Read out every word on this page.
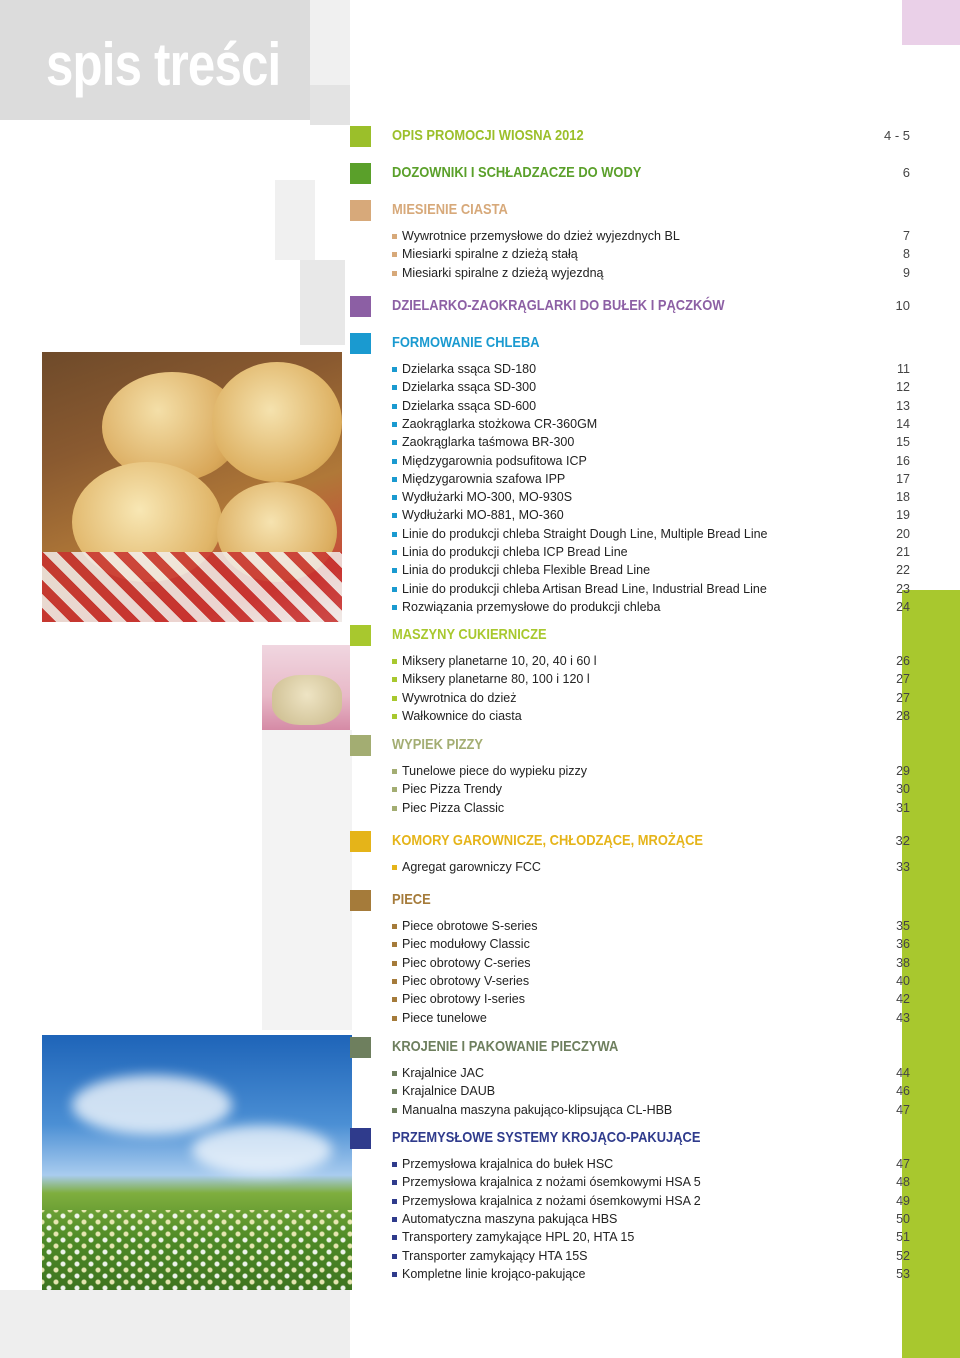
spis treści
OPIS PROMOCJI WIOSNA 2012	4 - 5
DOZOWNIKI I SCHŁADZACZE DO WODY	6
MIESIENIE CIASTA
Wywrotnice przemysłowe do dzież wyjezdnych BL	7
Miesiarki spiralne z dzieżą stałą	8
Miesiarki spiralne z dzieżą wyjezdną	9
DZIELARKO-ZAOKRĄGLARKI DO BUŁEK I PĄCZKÓW	10
FORMOWANIE CHLEBA
Dzielarka ssąca SD-180	11
Dzielarka ssąca SD-300	12
Dzielarka ssąca SD-600	13
Zaokrąglarka stożkowa CR-360GM	14
Zaokrąglarka taśmowa BR-300	15
Międzygarownia podsufitowa ICP	16
Międzygarownia szafowa IPP	17
Wydłużarki MO-300, MO-930S	18
Wydłużarki MO-881, MO-360	19
Linie do produkcji chleba Straight Dough Line, Multiple Bread Line	20
Linia do produkcji chleba ICP Bread Line	21
Linia do produkcji chleba Flexible Bread Line	22
Linie do produkcji chleba Artisan Bread Line, Industrial Bread Line	23
Rozwiązania przemysłowe do produkcji chleba	24
MASZYNY CUKIERNICZE
Miksery planetarne 10, 20, 40 i 60 l	26
Miksery planetarne 80, 100 i 120 l	27
Wywrotnica do dzież	27
Wałkownice do ciasta	28
WYPIEK PIZZY
Tunelowe piece do wypieku pizzy	29
Piec Pizza Trendy	30
Piec Pizza Classic	31
KOMORY GAROWNICZE, CHŁODZĄCE, MROŻĄCE	32
Agregat garowniczy FCC	33
PIECE
Piece obrotowe S-series	35
Piec modułowy Classic	36
Piec obrotowy C-series	38
Piec obrotowy V-series	40
Piec obrotowy I-series	42
Piece tunelowe	43
KROJENIE I PAKOWANIE PIECZYWA
Krajalnice JAC	44
Krajalnice DAUB	46
Manualna maszyna pakująco-klipsująca CL-HBB	47
PRZEMYSŁOWE SYSTEMY KROJĄCO-PAKUJĄCE
Przemysłowa krajalnica do bułek HSC	47
Przemysłowa krajalnica z nożami ósemkowymi HSA 5	48
Przemysłowa krajalnica z nożami ósemkowymi HSA 2	49
Automatyczna maszyna pakująca HBS	50
Transportery zamykające HPL 20, HTA 15	51
Transporter zamykający HTA 15S	52
Kompletne linie krojąco-pakujące	53
